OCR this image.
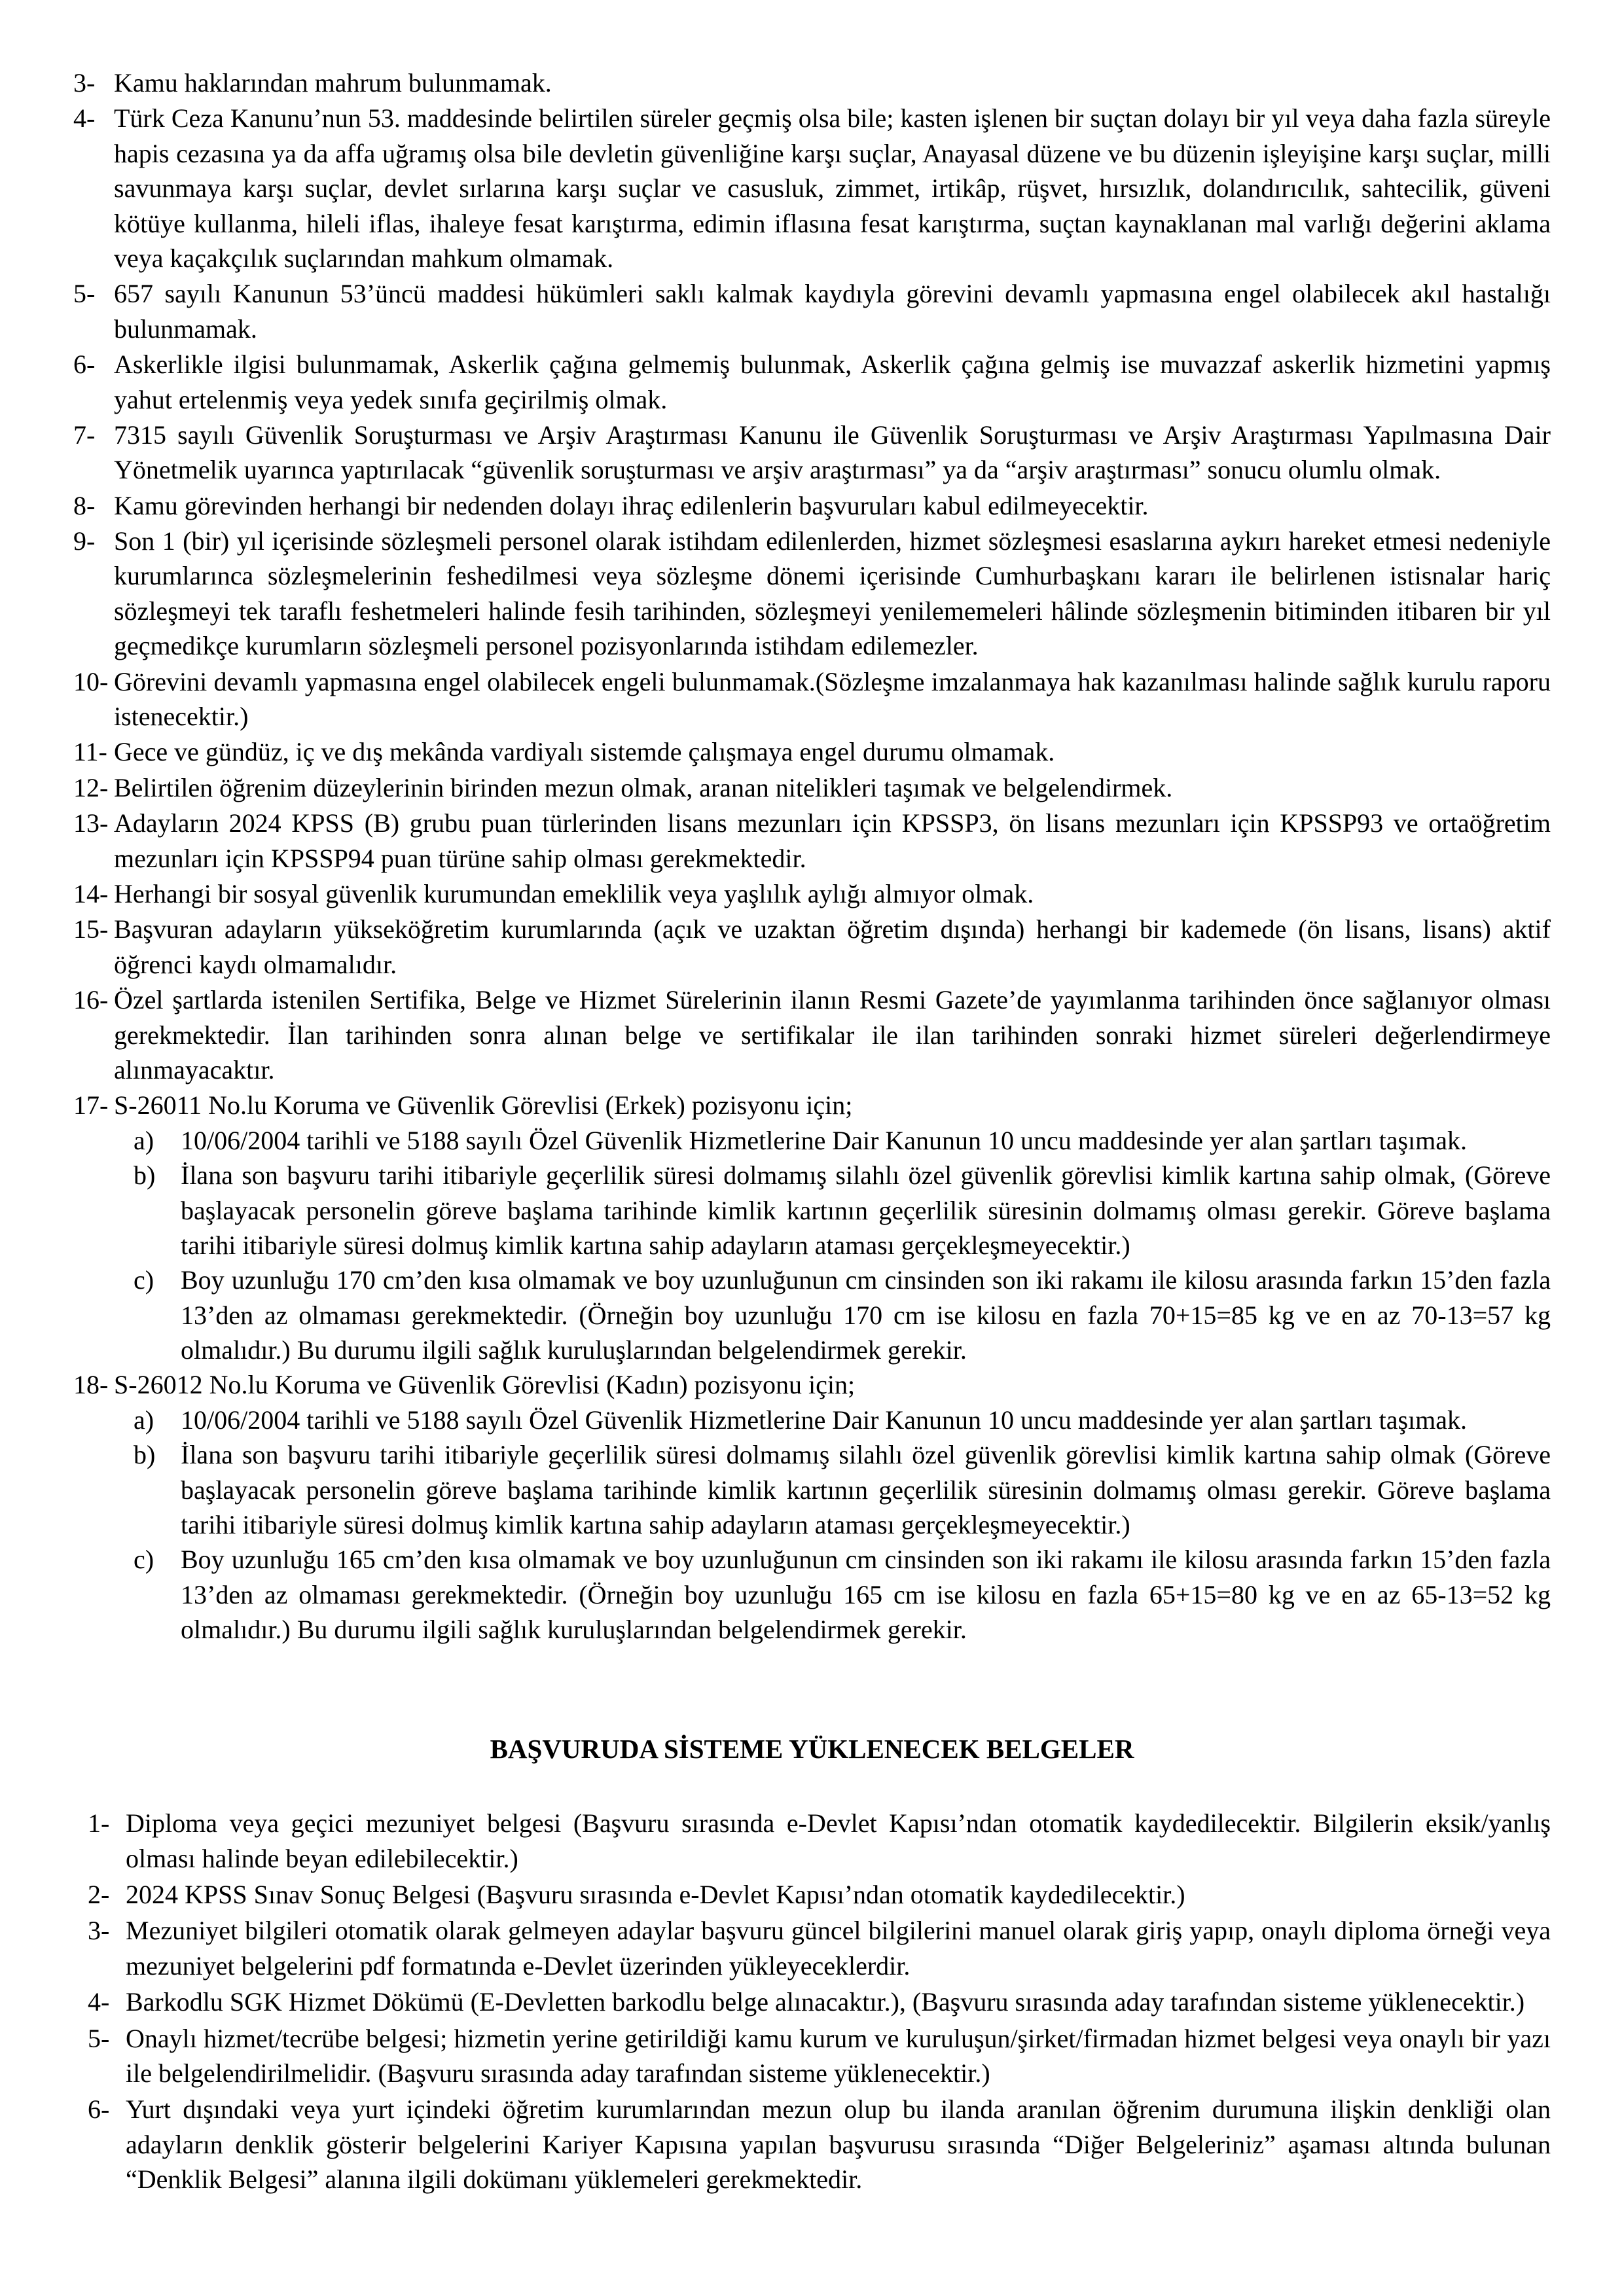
3- Kamu haklarından mahrum bulunmamak.
4- Türk Ceza Kanunu’nun 53. maddesinde belirtilen süreler geçmiş olsa bile; kasten işlenen bir suçtan dolayı bir yıl veya daha fazla süreyle hapis cezasına ya da affa uğramış olsa bile devletin güvenliğine karşı suçlar, Anayasal düzene ve bu düzenin işleyişine karşı suçlar, milli savunmaya karşı suçlar, devlet sırlarına karşı suçlar ve casusluk, zimmet, irtikâp, rüşvet, hırsızlık, dolandırıcılık, sahtecilik, güveni kötüye kullanma, hileli iflas, ihaleye fesat karıştırma, edimin iflasına fesat karıştırma, suçtan kaynaklanan mal varlığı değerini aklama veya kaçakçılık suçlarından mahkum olmamak.
5- 657 sayılı Kanunun 53’üncü maddesi hükümleri saklı kalmak kaydıyla görevini devamlı yapmasına engel olabilecek akıl hastalığı bulunmamak.
6- Askerlikle ilgisi bulunmamak, Askerlik çağına gelmemiş bulunmak, Askerlik çağına gelmiş ise muvazzaf askerlik hizmetini yapmış yahut ertelenmiş veya yedek sınıfa geçirilmiş olmak.
7- 7315 sayılı Güvenlik Soruşturması ve Arşiv Araştırması Kanunu ile Güvenlik Soruşturması ve Arşiv Araştırması Yapılmasına Dair Yönetmelik uyarınca yaptırılacak “güvenlik soruşturması ve arşiv araştırması” ya da “arşiv araştırması” sonucu olumlu olmak.
8- Kamu görevinden herhangi bir nedenden dolayı ihraç edilenlerin başvuruları kabul edilmeyecektir.
9- Son 1 (bir) yıl içerisinde sözleşmeli personel olarak istihdam edilenlerden, hizmet sözleşmesi esaslarına aykırı hareket etmesi nedeniyle kurumlarınca sözleşmelerinin feshedilmesi veya sözleşme dönemi içerisinde Cumhurbaşkanı kararı ile belirlenen istisnalar hariç sözleşmeyi tek taraflı feshetmeleri halinde fesih tarihinden, sözleşmeyi yenilememeleri hâlinde sözleşmenin bitiminden itibaren bir yıl geçmedikçe kurumların sözleşmeli personel pozisyonlarında istihdam edilemezler.
10- Görevini devamlı yapmasına engel olabilecek engeli bulunmamak.(Sözleşme imzalanmaya hak kazanılması halinde sağlık kurulu raporu istenecektir.)
11- Gece ve gündüz, iç ve dış mekânda vardiyalı sistemde çalışmaya engel durumu olmamak.
12- Belirtilen öğrenim düzeylerinin birinden mezun olmak, aranan nitelikleri taşımak ve belgelendirmek.
13- Adayların 2024 KPSS (B) grubu puan türlerinden lisans mezunları için KPSSP3, ön lisans mezunları için KPSSP93 ve ortaöğretim mezunları için KPSSP94 puan türüne sahip olması gerekmektedir.
14- Herhangi bir sosyal güvenlik kurumundan emeklilik veya yaşlılık aylığı almıyor olmak.
15- Başvuran adayların yükseköğretim kurumlarında (açık ve uzaktan öğretim dışında) herhangi bir kademede (ön lisans, lisans) aktif öğrenci kaydı olmamalıdır.
16- Özel şartlarda istenilen Sertifika, Belge ve Hizmet Sürelerinin ilanın Resmi Gazete’de yayımlanma tarihinden önce sağlanıyor olması gerekmektedir. İlan tarihinden sonra alınan belge ve sertifikalar ile ilan tarihinden sonraki hizmet süreleri değerlendirmeye alınmayacaktır.
17- S-26011 No.lu Koruma ve Güvenlik Görevlisi (Erkek) pozisyonu için;
a)	10/06/2004 tarihli ve 5188 sayılı Özel Güvenlik Hizmetlerine Dair Kanunun 10 uncu maddesinde yer alan şartları taşımak.
b) İlana son başvuru tarihi itibariyle geçerlilik süresi dolmamış silahlı özel güvenlik görevlisi kimlik kartına sahip olmak, (Göreve başlayacak personelin göreve başlama tarihinde kimlik kartının geçerlilik süresinin dolmamış olması gerekir. Göreve başlama tarihi itibariyle süresi dolmuş kimlik kartına sahip adayların ataması gerçekleşmeyecektir.)
c)	Boy uzunluğu 170 cm’den kısa olmamak ve boy uzunluğunun cm cinsinden son iki rakamı ile kilosu arasında farkın 15’den fazla 13’den az olmaması gerekmektedir. (Örneğin boy uzunluğu 170 cm ise kilosu en fazla 70+15=85 kg ve en az 70-13=57 kg olmalıdır.) Bu durumu ilgili sağlık kuruluşlarından belgelendirmek gerekir.
18- S-26012 No.lu Koruma ve Güvenlik Görevlisi (Kadın) pozisyonu için;
a)	10/06/2004 tarihli ve 5188 sayılı Özel Güvenlik Hizmetlerine Dair Kanunun 10 uncu maddesinde yer alan şartları taşımak.
b) İlana son başvuru tarihi itibariyle geçerlilik süresi dolmamış silahlı özel güvenlik görevlisi kimlik kartına sahip olmak (Göreve başlayacak personelin göreve başlama tarihinde kimlik kartının geçerlilik süresinin dolmamış olması gerekir. Göreve başlama tarihi itibariyle süresi dolmuş kimlik kartına sahip adayların ataması gerçekleşmeyecektir.)
c)	Boy uzunluğu 165 cm’den kısa olmamak ve boy uzunluğunun cm cinsinden son iki rakamı ile kilosu arasında farkın 15’den fazla 13’den az olmaması gerekmektedir. (Örneğin boy uzunluğu 165 cm ise kilosu en fazla 65+15=80 kg ve en az 65-13=52 kg olmalıdır.) Bu durumu ilgili sağlık kuruluşlarından belgelendirmek gerekir.
BAŞVURUDA SİSTEME YÜKLENECEK BELGELER
1- Diploma veya geçici mezuniyet belgesi (Başvuru sırasında e-Devlet Kapısı’ndan otomatik kaydedilecektir. Bilgilerin eksik/yanlış olması halinde beyan edilebilecektir.)
2- 2024 KPSS Sınav Sonuç Belgesi (Başvuru sırasında e-Devlet Kapısı’ndan otomatik kaydedilecektir.)
3- Mezuniyet bilgileri otomatik olarak gelmeyen adaylar başvuru güncel bilgilerini manuel olarak giriş yapıp, onaylı diploma örneği veya mezuniyet belgelerini pdf formatında e-Devlet üzerinden yükleyeceklerdir.
4- Barkodlu SGK Hizmet Dökümü (E-Devletten barkodlu belge alınacaktır.), (Başvuru sırasında aday tarafından sisteme yüklenecektir.)
5- Onaylı hizmet/tecrübe belgesi; hizmetin yerine getirildiği kamu kurum ve kuruluşun/şirket/firmadan hizmet belgesi veya onaylı bir yazı ile belgelendirilmelidir. (Başvuru sırasında aday tarafından sisteme yüklenecektir.)
6- Yurt dışındaki veya yurt içindeki öğretim kurumlarından mezun olup bu ilanda aranılan öğrenim durumuna ilişkin denkliği olan adayların denklik gösterir belgelerini Kariyer Kapısına yapılan başvurusu sırasında “Diğer Belgeleriniz” aşaması altında bulunan “Denklik Belgesi” alanına ilgili dokümanı yüklemeleri gerekmektedir.
